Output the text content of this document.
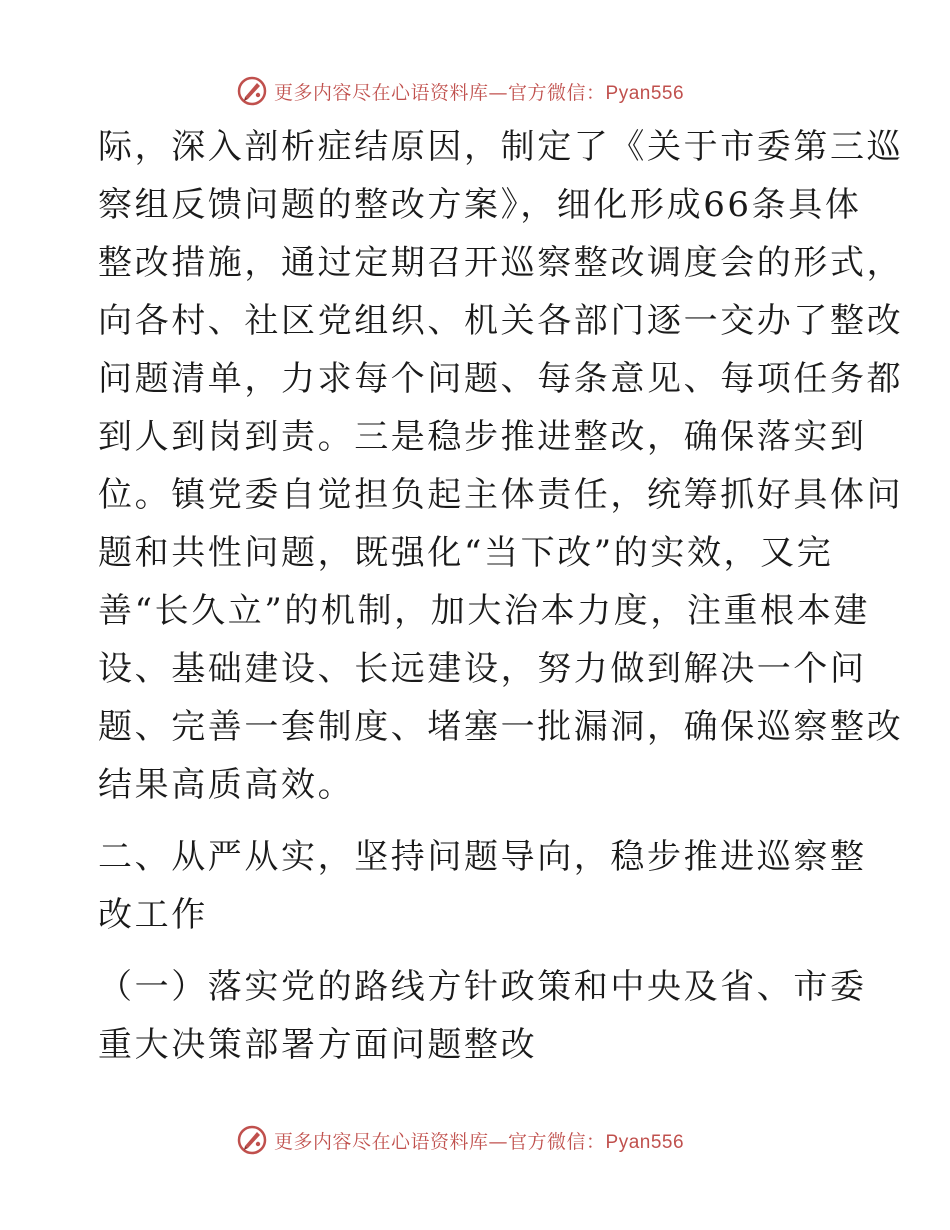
更多内容尽在心语资料库—官方微信：Pyan556
际，深入剖析症结原因，制定了《关于市委第三巡
察组反馈问题的整改方案》，细化形成66条具体
整改措施，通过定期召开巡察整改调度会的形式，
向各村、社区党组织、机关各部门逐一交办了整改
问题清单，力求每个问题、每条意见、每项任务都
到人到岗到责。三是稳步推进整改，确保落实到
位。镇党委自觉担负起主体责任，统筹抓好具体问
题和共性问题，既强化“当下改”的实效，又完
善“长久立”的机制，加大治本力度，注重根本建
设、基础建设、长远建设，努力做到解决一个问
题、完善一套制度、堵塞一批漏洞，确保巡察整改
结果高质高效。
二、从严从实，坚持问题导向，稳步推进巡察整
改工作
（一）落实党的路线方针政策和中央及省、市委
重大决策部署方面问题整改
更多内容尽在心语资料库—官方微信：Pyan556
